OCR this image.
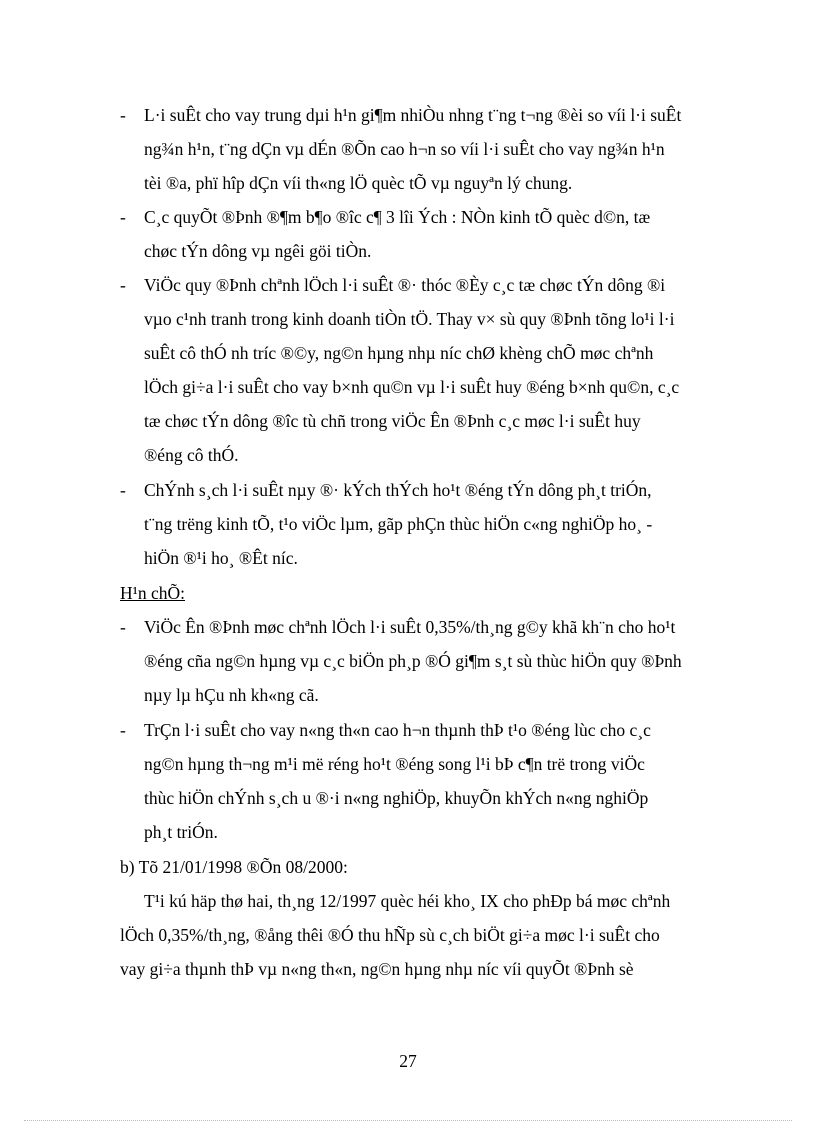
- L·i suÊt cho vay trung dµi h¹n gi¶m nhiÒu nhng t¨ng t¬ng ®èi so víi l·i suÊt
ng¾n h¹n, t¨ng dÇn vµ dÉn ®Õn cao h¬n so víi l·i suÊt cho vay ng¾n h¹n
tèi ®a, phï hîp dÇn víi th«ng lÖ quèc tÕ vµ nguyªn lý chung.
- C¸c quyÕt ®Þnh ®¶m b¶o ®îc c¶ 3 lîi Ých : NÒn kinh tÕ quèc d©n, tæ
chøc tÝn dông vµ ngêi göi tiÒn.
- ViÖc quy ®Þnh chªnh lÖch l·i suÊt ®· thóc ®Èy c¸c tæ chøc tÝn dông ®i
vµo c¹nh tranh trong kinh doanh tiÒn tÖ. Thay v× sù quy ®Þnh tõng lo¹i l·i
suÊt cô thÓ nh tríc ®©y, ng©n hµng nhµ níc chØ khèng chÕ møc chªnh
lÖch gi÷a l·i suÊt cho vay b×nh qu©n vµ l·i suÊt huy ®éng b×nh qu©n, c¸c
tæ chøc tÝn dông ®îc tù chñ trong viÖc Ên ®Þnh c¸c møc l·i suÊt huy
®éng cô thÓ.
- ChÝnh s¸ch l·i suÊt nµy ®· kÝch thÝch ho¹t ®éng tÝn dông ph¸t triÓn,
t¨ng trëng kinh tÕ, t¹o viÖc lµm, gãp phÇn thùc hiÖn c«ng nghiÖp ho¸ -
hiÖn ®¹i ho¸ ®Êt níc.
H¹n chÕ:
- ViÖc Ên ®Þnh møc chªnh lÖch l·i suÊt 0,35%/th¸ng g©y khã kh¨n cho ho¹t
®éng cña ng©n hµng vµ c¸c biÖn ph¸p ®Ó gi¶m s¸t sù thùc hiÖn quy ®Þnh
nµy lµ hÇu nh kh«ng cã.
- TrÇn l·i suÊt cho vay n«ng th«n cao h¬n thµnh thÞ t¹o ®éng lùc cho c¸c
ng©n hµng th¬ng m¹i më réng ho¹t ®éng song l¹i bÞ c¶n trë trong viÖc
thùc hiÖn chÝnh s¸ch u ®·i n«ng nghiÖp, khuyÕn khÝch n«ng nghiÖp
ph¸t triÓn.
b) Tõ 21/01/1998 ®Õn 08/2000:
T¹i kú häp thø hai, th¸ng 12/1997 quèc héi kho¸ IX cho phÐp bá møc chªnh
lÖch 0,35%/th¸ng, ®ång thêi ®Ó thu hÑp sù c¸ch biÖt gi÷a møc l·i suÊt cho
vay gi÷a thµnh thÞ vµ n«ng th«n, ng©n hµng nhµ níc víi quyÕt ®Þnh sè
27
